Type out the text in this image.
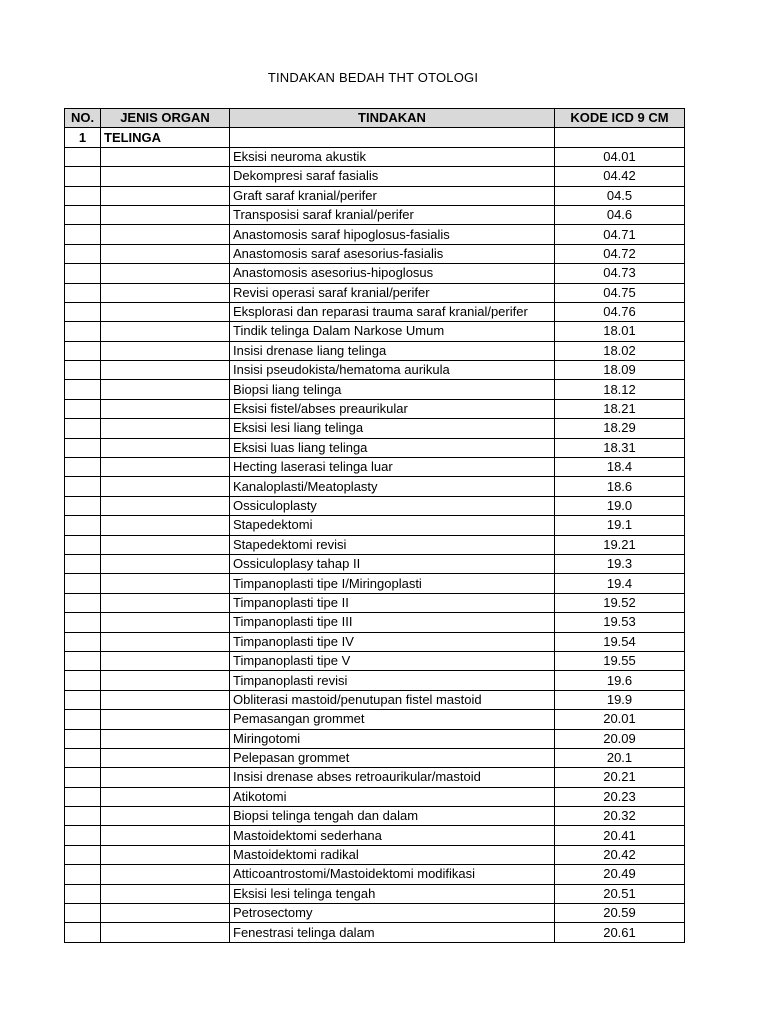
TINDAKAN BEDAH THT OTOLOGI
NO.	JENIS ORGAN	TINDAKAN	KODE ICD 9 CM
1	TELINGA		
		Eksisi neuroma akustik	04.01
		Dekompresi saraf fasialis	04.42
		Graft saraf kranial/perifer	04.5
		Transposisi saraf kranial/perifer	04.6
		Anastomosis saraf hipoglosus-fasialis	04.71
		Anastomosis saraf asesorius-fasialis	04.72
		Anastomosis asesorius-hipoglosus	04.73
		Revisi operasi saraf kranial/perifer	04.75
		Eksplorasi dan reparasi trauma saraf kranial/perifer	04.76
		Tindik telinga Dalam Narkose Umum	18.01
		Insisi drenase liang telinga	18.02
		Insisi pseudokista/hematoma aurikula	18.09
		Biopsi liang telinga	18.12
		Eksisi fistel/abses preaurikular	18.21
		Eksisi lesi liang telinga	18.29
		Eksisi luas liang telinga	18.31
		Hecting laserasi telinga luar	18.4
		Kanaloplasti/Meatoplasty	18.6
		Ossiculoplasty	19.0
		Stapedektomi	19.1
		Stapedektomi revisi	19.21
		Ossiculoplasy tahap II	19.3
		Timpanoplasti tipe I/Miringoplasti	19.4
		Timpanoplasti tipe II	19.52
		Timpanoplasti tipe III	19.53
		Timpanoplasti tipe IV	19.54
		Timpanoplasti tipe V	19.55
		Timpanoplasti revisi	19.6
		Obliterasi mastoid/penutupan fistel mastoid	19.9
		Pemasangan grommet	20.01
		Miringotomi	20.09
		Pelepasan grommet	20.1
		Insisi drenase abses retroaurikular/mastoid	20.21
		Atikotomi	20.23
		Biopsi telinga tengah dan dalam	20.32
		Mastoidektomi sederhana	20.41
		Mastoidektomi radikal	20.42
		Atticoantrostomi/Mastoidektomi modifikasi	20.49
		Eksisi lesi telinga tengah	20.51
		Petrosectomy	20.59
		Fenestrasi telinga dalam	20.61
